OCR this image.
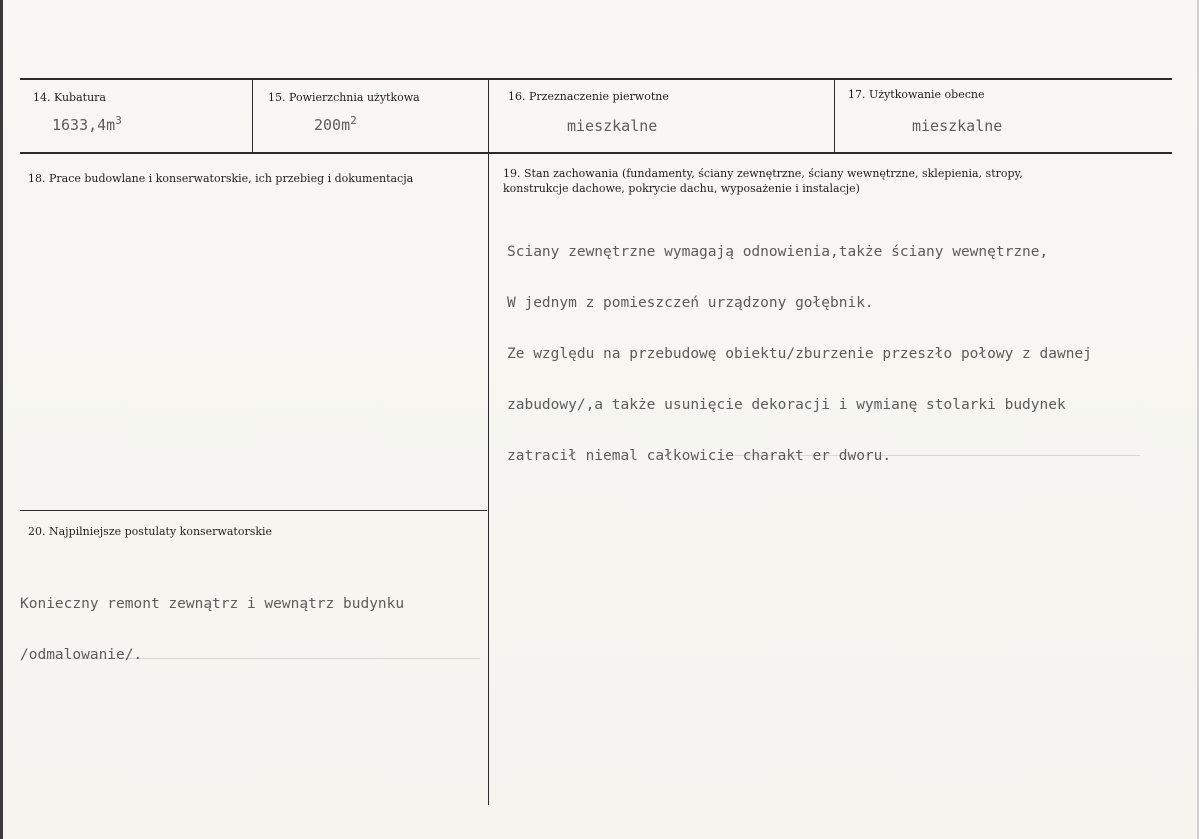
14. Kubatura
$1633,4m^3$
15. Powierzchnia użytkowa
$200m^2$
16. Przeznaczenie pierwotne
mieszkalne
17. Użytkowanie obecne
mieszkalne
18. Prace budowlane i konserwatorskie, ich przebieg i dokumentacja	19. Stan zachowania (fundamenty, ściany zewnętrzne, ściany wewnętrzne, sklepienia, stropy,
konstrukcje dachowe, pokrycie dachu, wyposażenie i instalacje)

Sciany zewnętrzne wymagają odnowienia,także ściany wewnętrzne,

W jednym z pomieszczeń urządzony gołębnik.

Ze względu na przebudowę obiektu/zburzenie przeszło połowy z dawnej

zabudowy/,a także usunięcie dekoracji i wymianę stolarki budynek

zatracił niemal całkowicie charakt er dworu.

20. Najpilniejsze postulaty konserwatorskie

Konieczny remont zewnątrz i wewnątrz budynku

/odmalowanie/.
